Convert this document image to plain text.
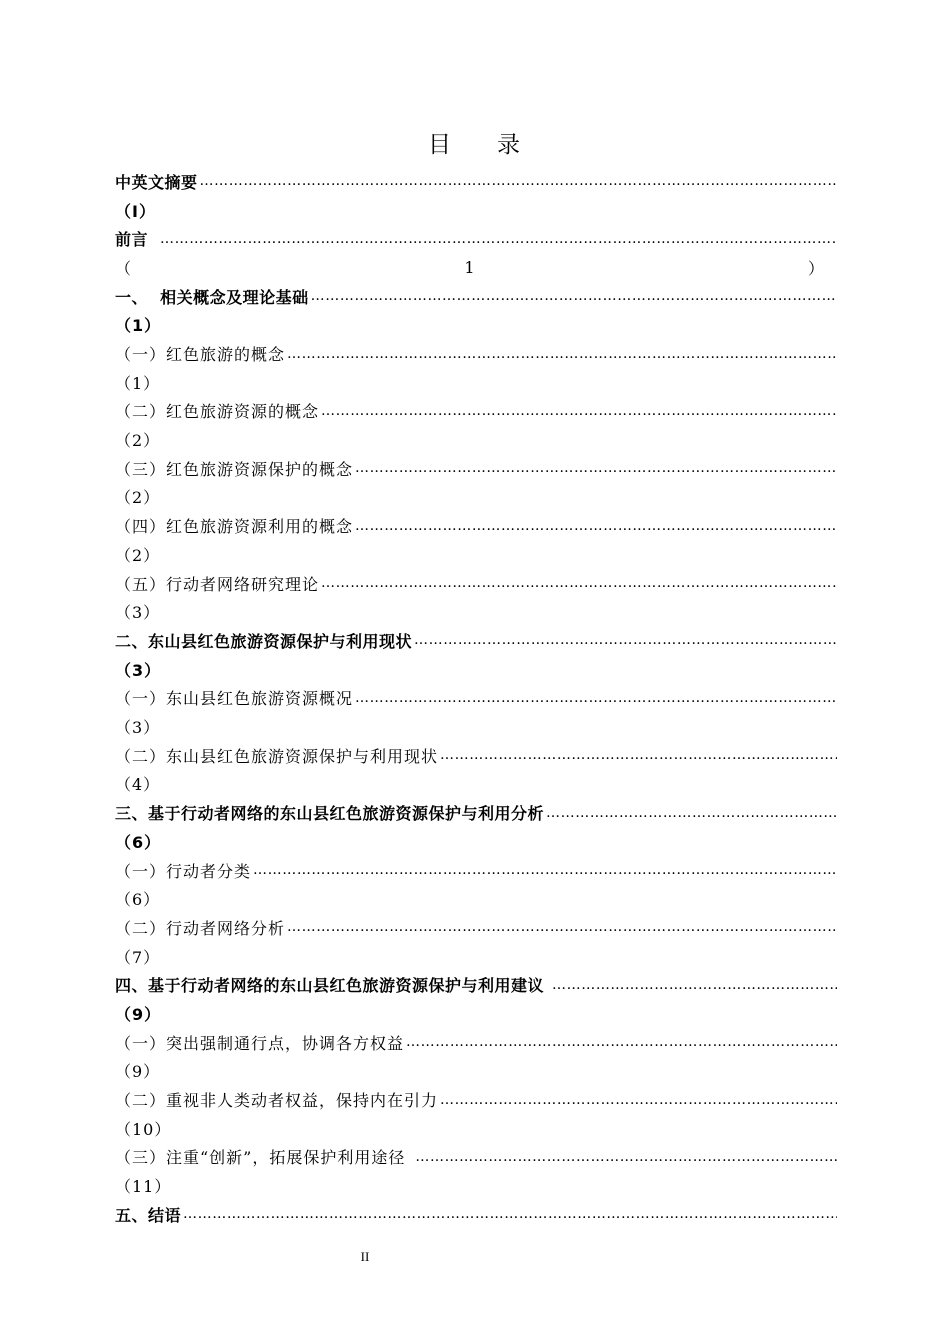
目 录
中英文摘要
………………………………………………………………………………………………………………………………………………………………………………………………
（I）
前言
………………………………………………………………………………………………………………………………………………………………………………………………
（	1	）
一、  相关概念及理论基础
………………………………………………………………………………………………………………………………………………………………………………………………
（1）
（一）红色旅游的概念
………………………………………………………………………………………………………………………………………………………………………………………………
（1）
（二）红色旅游资源的概念
………………………………………………………………………………………………………………………………………………………………………………………………
（2）
（三）红色旅游资源保护的概念
………………………………………………………………………………………………………………………………………………………………………………………………
（2）
（四）红色旅游资源利用的概念
………………………………………………………………………………………………………………………………………………………………………………………………
（2）
（五）行动者网络研究理论
………………………………………………………………………………………………………………………………………………………………………………………………
（3）
二、东山县红色旅游资源保护与利用现状
………………………………………………………………………………………………………………………………………………………………………………………………
（3）
（一）东山县红色旅游资源概况
………………………………………………………………………………………………………………………………………………………………………………………………
（3）
（二）东山县红色旅游资源保护与利用现状
………………………………………………………………………………………………………………………………………………………………………………………………
（4）
三、基于行动者网络的东山县红色旅游资源保护与利用分析
………………………………………………………………………………………………………………………………………………………………………………………………
（6）
（一）行动者分类
………………………………………………………………………………………………………………………………………………………………………………………………
（6）
（二）行动者网络分析
………………………………………………………………………………………………………………………………………………………………………………………………
（7）
四、基于行动者网络的东山县红色旅游资源保护与利用建议
………………………………………………………………………………………………………………………………………………………………………………………………
（9）
（一）突出强制通行点，协调各方权益
………………………………………………………………………………………………………………………………………………………………………………………………
（9）
（二）重视非人类动者权益，保持内在引力
………………………………………………………………………………………………………………………………………………………………………………………………
（10）
（三）注重“创新”，拓展保护利用途径
………………………………………………………………………………………………………………………………………………………………………………………………
（11）
五、结语
………………………………………………………………………………………………………………………………………………………………………………………………
II
